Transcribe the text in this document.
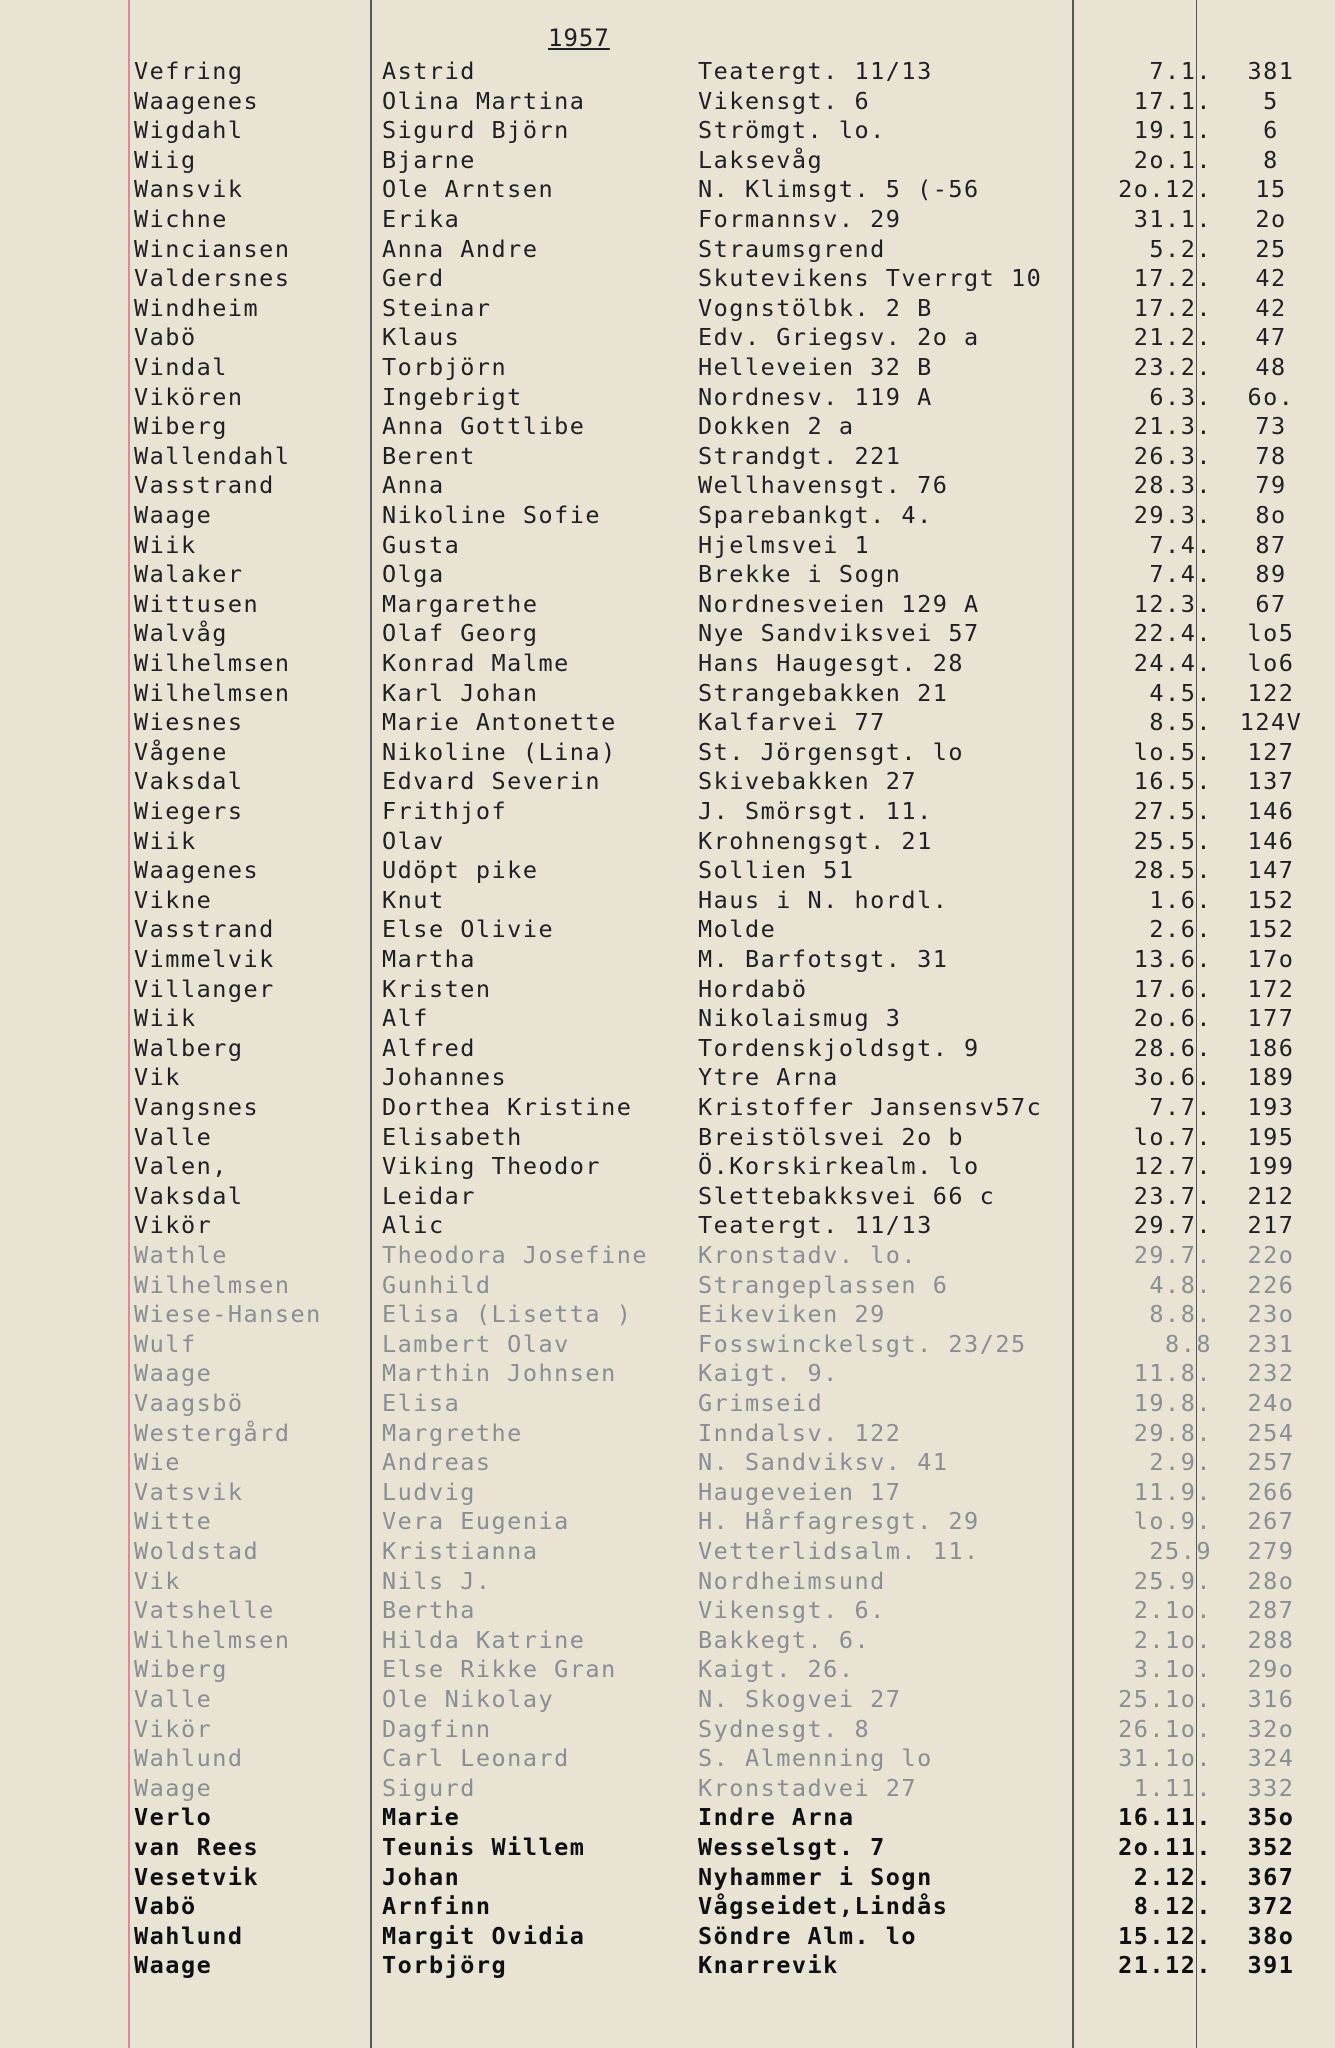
1957
Vefring	Astrid	Teatergt. 11/13	7.1.	381
Waagenes	Olina Martina	Vikensgt. 6	17.1.	5
Wigdahl	Sigurd Björn	Strömgt. lo.	19.1.	6
Wiig	Bjarne	Laksevåg	2o.1.	8
Wansvik	Ole Arntsen	N. Klimsgt. 5 (-56	2o.12.	15
Wichne	Erika	Formannsv. 29	31.1.	2o
Winciansen	Anna Andre	Straumsgrend	5.2.	25
Valdersnes	Gerd	Skutevikens Tverrgt 10	17.2.	42
Windheim	Steinar	Vognstölbk. 2 B	17.2.	42
Vabö	Klaus	Edv. Griegsv. 2o a	21.2.	47
Vindal	Torbjörn	Helleveien 32 B	23.2.	48
Vikören	Ingebrigt	Nordnesv. 119 A	6.3.	6o.
Wiberg	Anna Gottlibe	Dokken 2 a	21.3.	73
Wallendahl	Berent	Strandgt. 221	26.3.	78
Vasstrand	Anna	Wellhavensgt. 76	28.3.	79
Waage	Nikoline Sofie	Sparebankgt. 4.	29.3.	8o
Wiik	Gusta	Hjelmsvei 1	7.4.	87
Walaker	Olga	Brekke i Sogn	7.4.	89
Wittusen	Margarethe	Nordnesveien 129 A	12.3.	67
Walvåg	Olaf Georg	Nye Sandviksvei 57	22.4.	lo5
Wilhelmsen	Konrad Malme	Hans Haugesgt. 28	24.4.	lo6
Wilhelmsen	Karl Johan	Strangebakken 21	4.5.	122
Wiesnes	Marie Antonette	Kalfarvei 77	8.5.	124V
Vågene	Nikoline (Lina)	St. Jörgensgt. lo	lo.5.	127
Vaksdal	Edvard Severin	Skivebakken 27	16.5.	137
Wiegers	Frithjof	J. Smörsgt. 11.	27.5.	146
Wiik	Olav	Krohnengsgt. 21	25.5.	146
Waagenes	Udöpt pike	Sollien 51	28.5.	147
Vikne	Knut	Haus i N. hordl.	1.6.	152
Vasstrand	Else Olivie	Molde	2.6.	152
Vimmelvik	Martha	M. Barfotsgt. 31	13.6.	17o
Villanger	Kristen	Hordabö	17.6.	172
Wiik	Alf	Nikolaismug 3	2o.6.	177
Walberg	Alfred	Tordenskjoldsgt. 9	28.6.	186
Vik	Johannes	Ytre Arna	3o.6.	189
Vangsnes	Dorthea Kristine	Kristoffer Jansensv57c	7.7.	193
Valle	Elisabeth	Breistölsvei 2o b	lo.7.	195
Valen,	Viking Theodor	Ö.Korskirkealm. lo	12.7.	199
Vaksdal	Leidar	Slettebakksvei 66 c	23.7.	212
Vikör	Alic	Teatergt. 11/13	29.7.	217
Wathle	Theodora Josefine	Kronstadv. lo.	29.7.	22o
Wilhelmsen	Gunhild	Strangeplassen 6	4.8.	226
Wiese-Hansen	Elisa (Lisetta )	Eikeviken 29	8.8.	23o
Wulf	Lambert Olav	Fosswinckelsgt. 23/25	8.8	231
Waage	Marthin Johnsen	Kaigt. 9.	11.8.	232
Vaagsbö	Elisa	Grimseid	19.8.	24o
Westergård	Margrethe	Inndalsv. 122	29.8.	254
Wie	Andreas	N. Sandviksv. 41	2.9.	257
Vatsvik	Ludvig	Haugeveien 17	11.9.	266
Witte	Vera Eugenia	H. Hårfagresgt. 29	lo.9.	267
Woldstad	Kristianna	Vetterlidsalm. 11.	25.9	279
Vik	Nils J.	Nordheimsund	25.9.	28o
Vatshelle	Bertha	Vikensgt. 6.	2.1o.	287
Wilhelmsen	Hilda Katrine	Bakkegt. 6.	2.1o.	288
Wiberg	Else Rikke Gran	Kaigt. 26.	3.1o.	29o
Valle	Ole Nikolay	N. Skogvei 27	25.1o.	316
Vikör	Dagfinn	Sydnesgt. 8	26.1o.	32o
Wahlund	Carl Leonard	S. Almenning lo	31.1o.	324
Waage	Sigurd	Kronstadvei 27	1.11.	332
Verlo	Marie	Indre Arna	16.11.	35o
van Rees	Teunis Willem	Wesselsgt. 7	2o.11.	352
Vesetvik	Johan	Nyhammer i Sogn	2.12.	367
Vabö	Arnfinn	Vågseidet,Lindås	8.12.	372
Wahlund	Margit Ovidia	Söndre Alm. lo	15.12.	38o
Waage	Torbjörg	Knarrevik	21.12.	391
